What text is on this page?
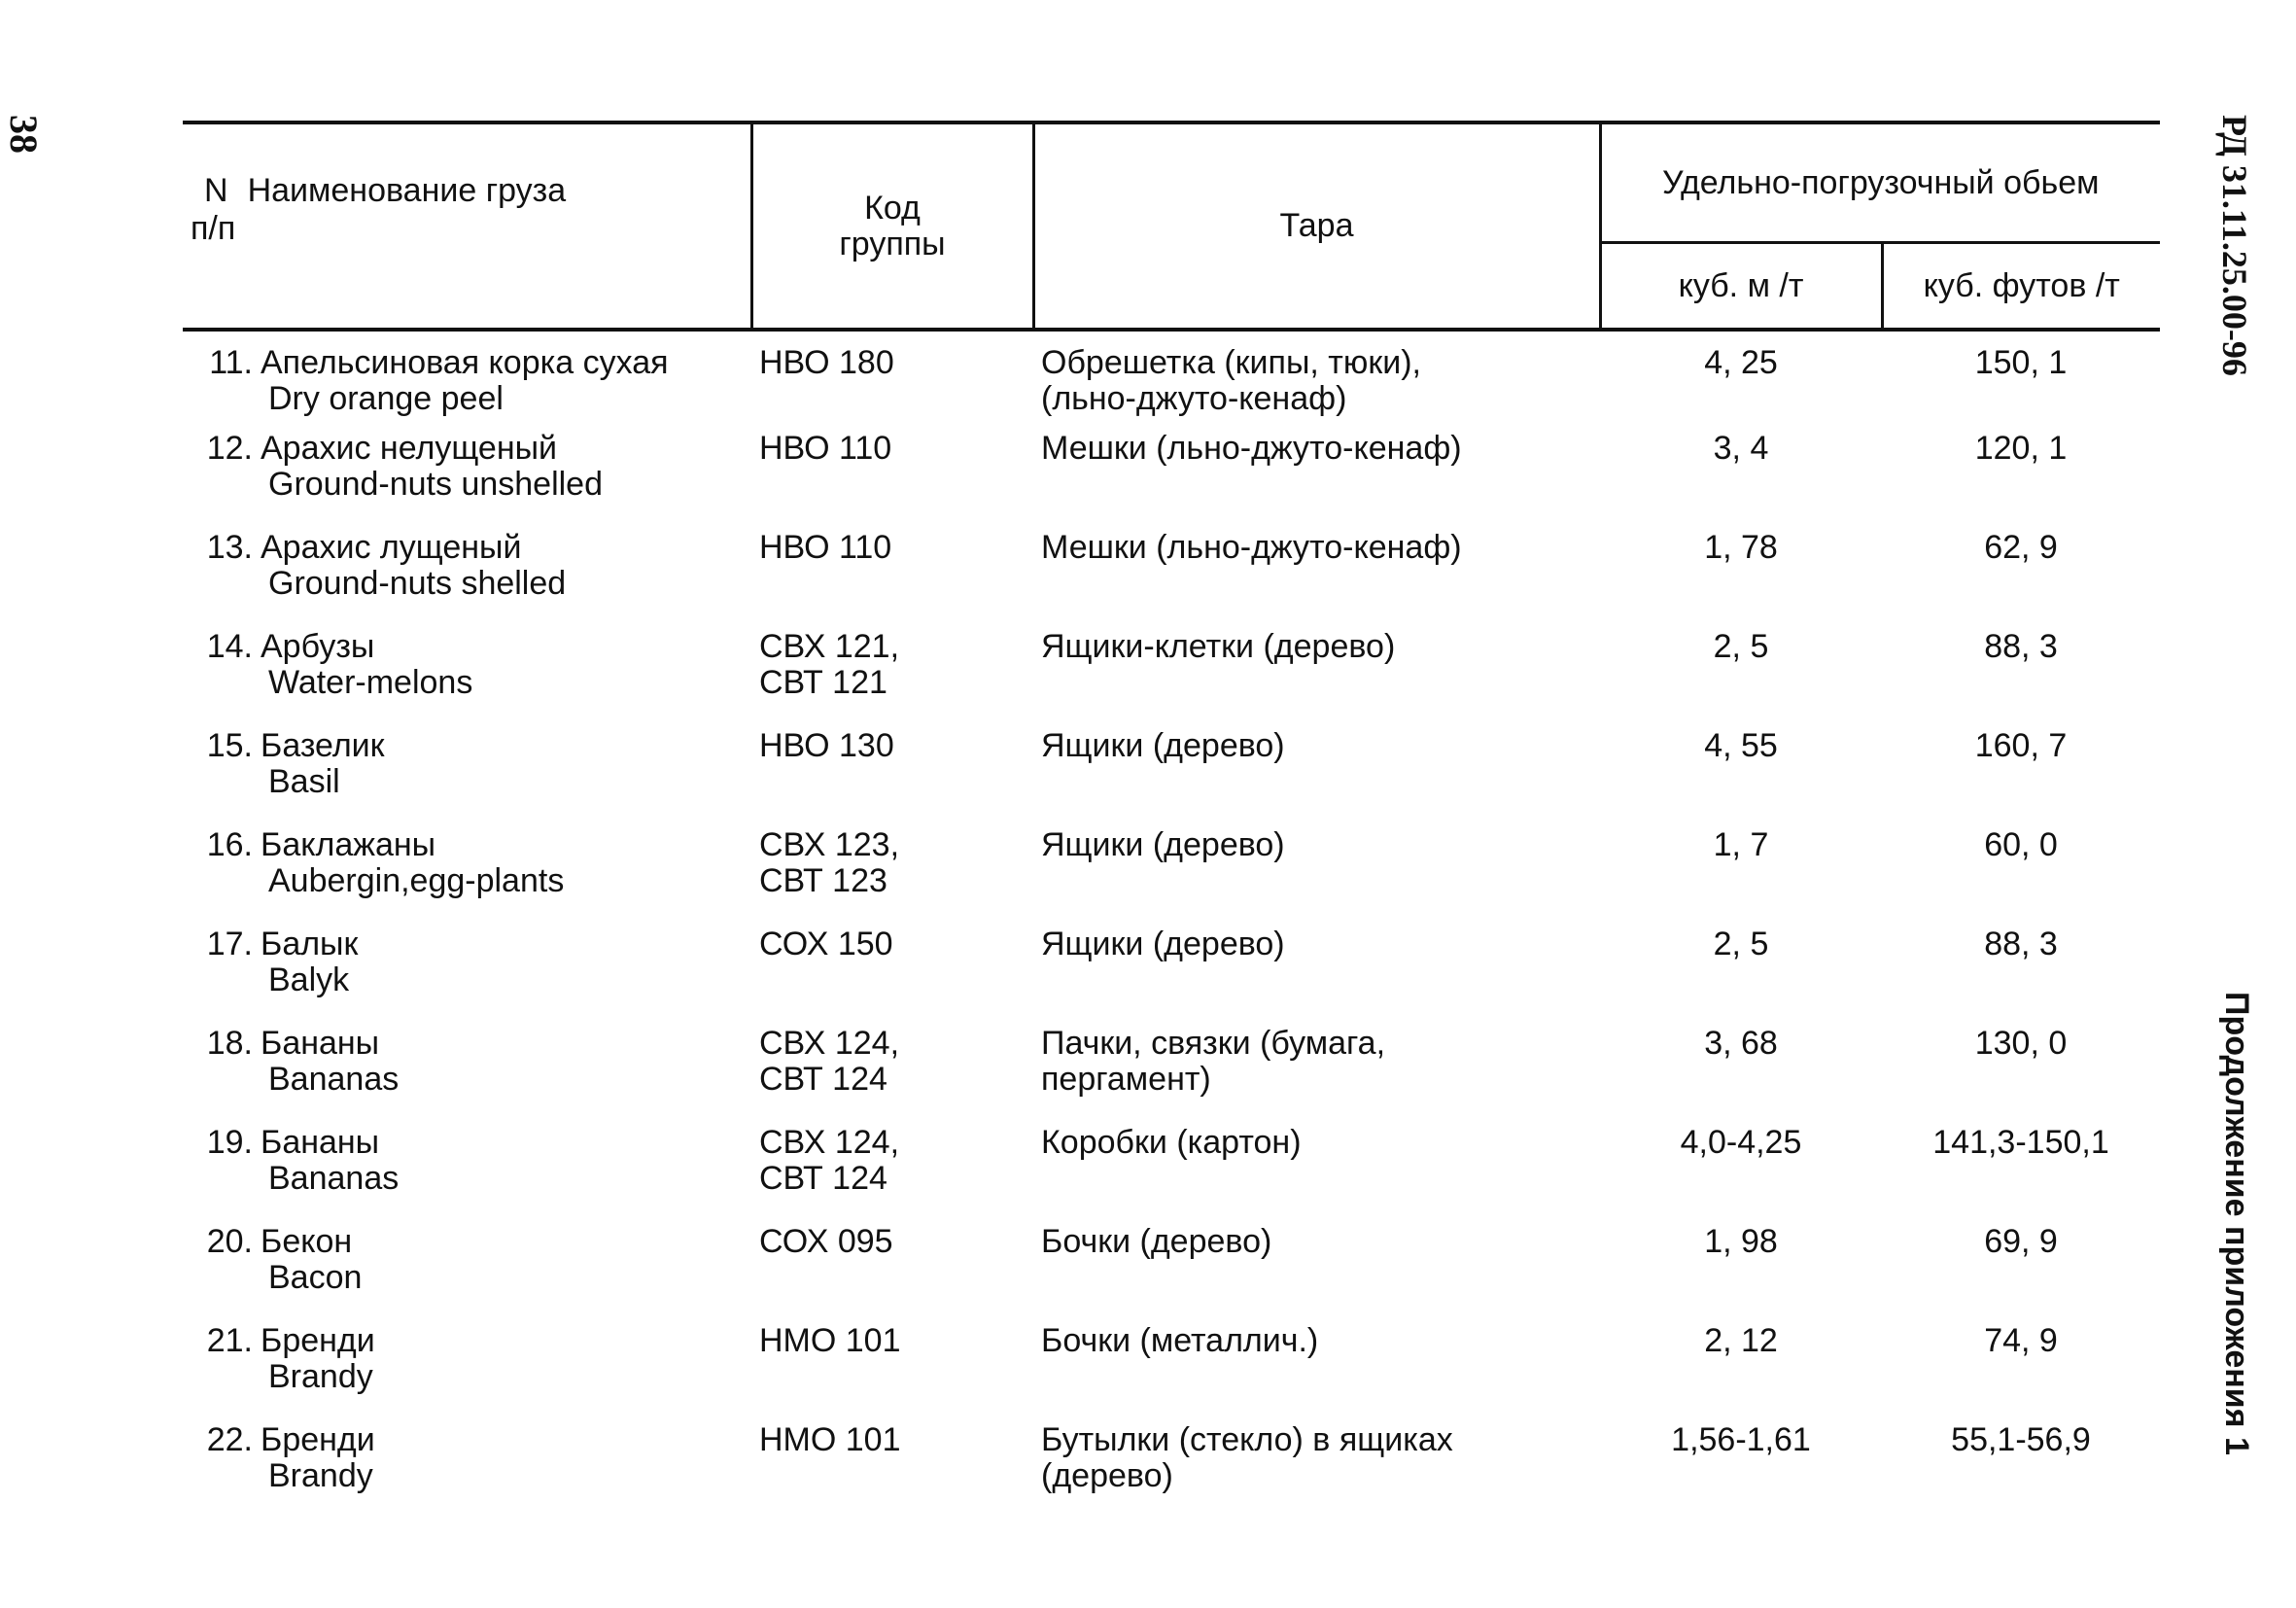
38	РД 31.11.25.00-96
Продолжение приложения 1
N Наименование груза
п/п	Код группы	Тара	Удельно-погрузочный обьем	
			куб. м /т	куб. футов /т
11. Апельсиновая корка сухая
Dry orange peel	НВО 180	Обрешетка (кипы, тюки),
(льно-джуто-кенаф)	4, 25	150, 1
12. Арахис нелущеный
Ground-nuts unshelled	НВО 110	Мешки (льно-джуто-кенаф)	3, 4	120, 1
13. Арахис лущеный
Ground-nuts shelled	НВО 110	Мешки (льно-джуто-кенаф)	1, 78	62, 9
14. Арбузы
Water-melons	СВХ 121,
СВТ 121	Ящики-клетки (дерево)	2, 5	88, 3
15. Базелик
Basil	НВО 130	Ящики (дерево)	4, 55	160, 7
16. Баклажаны
Aubergin,egg-plants	СВХ 123,
СВТ 123	Ящики (дерево)	1, 7	60, 0
17. Балык
Balyk	СОХ 150	Ящики (дерево)	2, 5	88, 3
18. Бананы
Bananas	СВХ 124,
СВТ 124	Пачки, связки (бумага,
пергамент)	3, 68	130, 0
19. Бананы
Bananas	СВХ 124,
СВТ 124	Коробки (картон)	4,0-4,25	141,3-150,1
20. Бекон
Bacon	СОХ 095	Бочки (дерево)	1, 98	69, 9
21. Бренди
Brandy	НМО 101	Бочки (металлич.)	2, 12	74, 9
22. Бренди
Brandy	НМО 101	Бутылки (стекло) в ящиках
(дерево)	1,56-1,61	55,1-56,9
